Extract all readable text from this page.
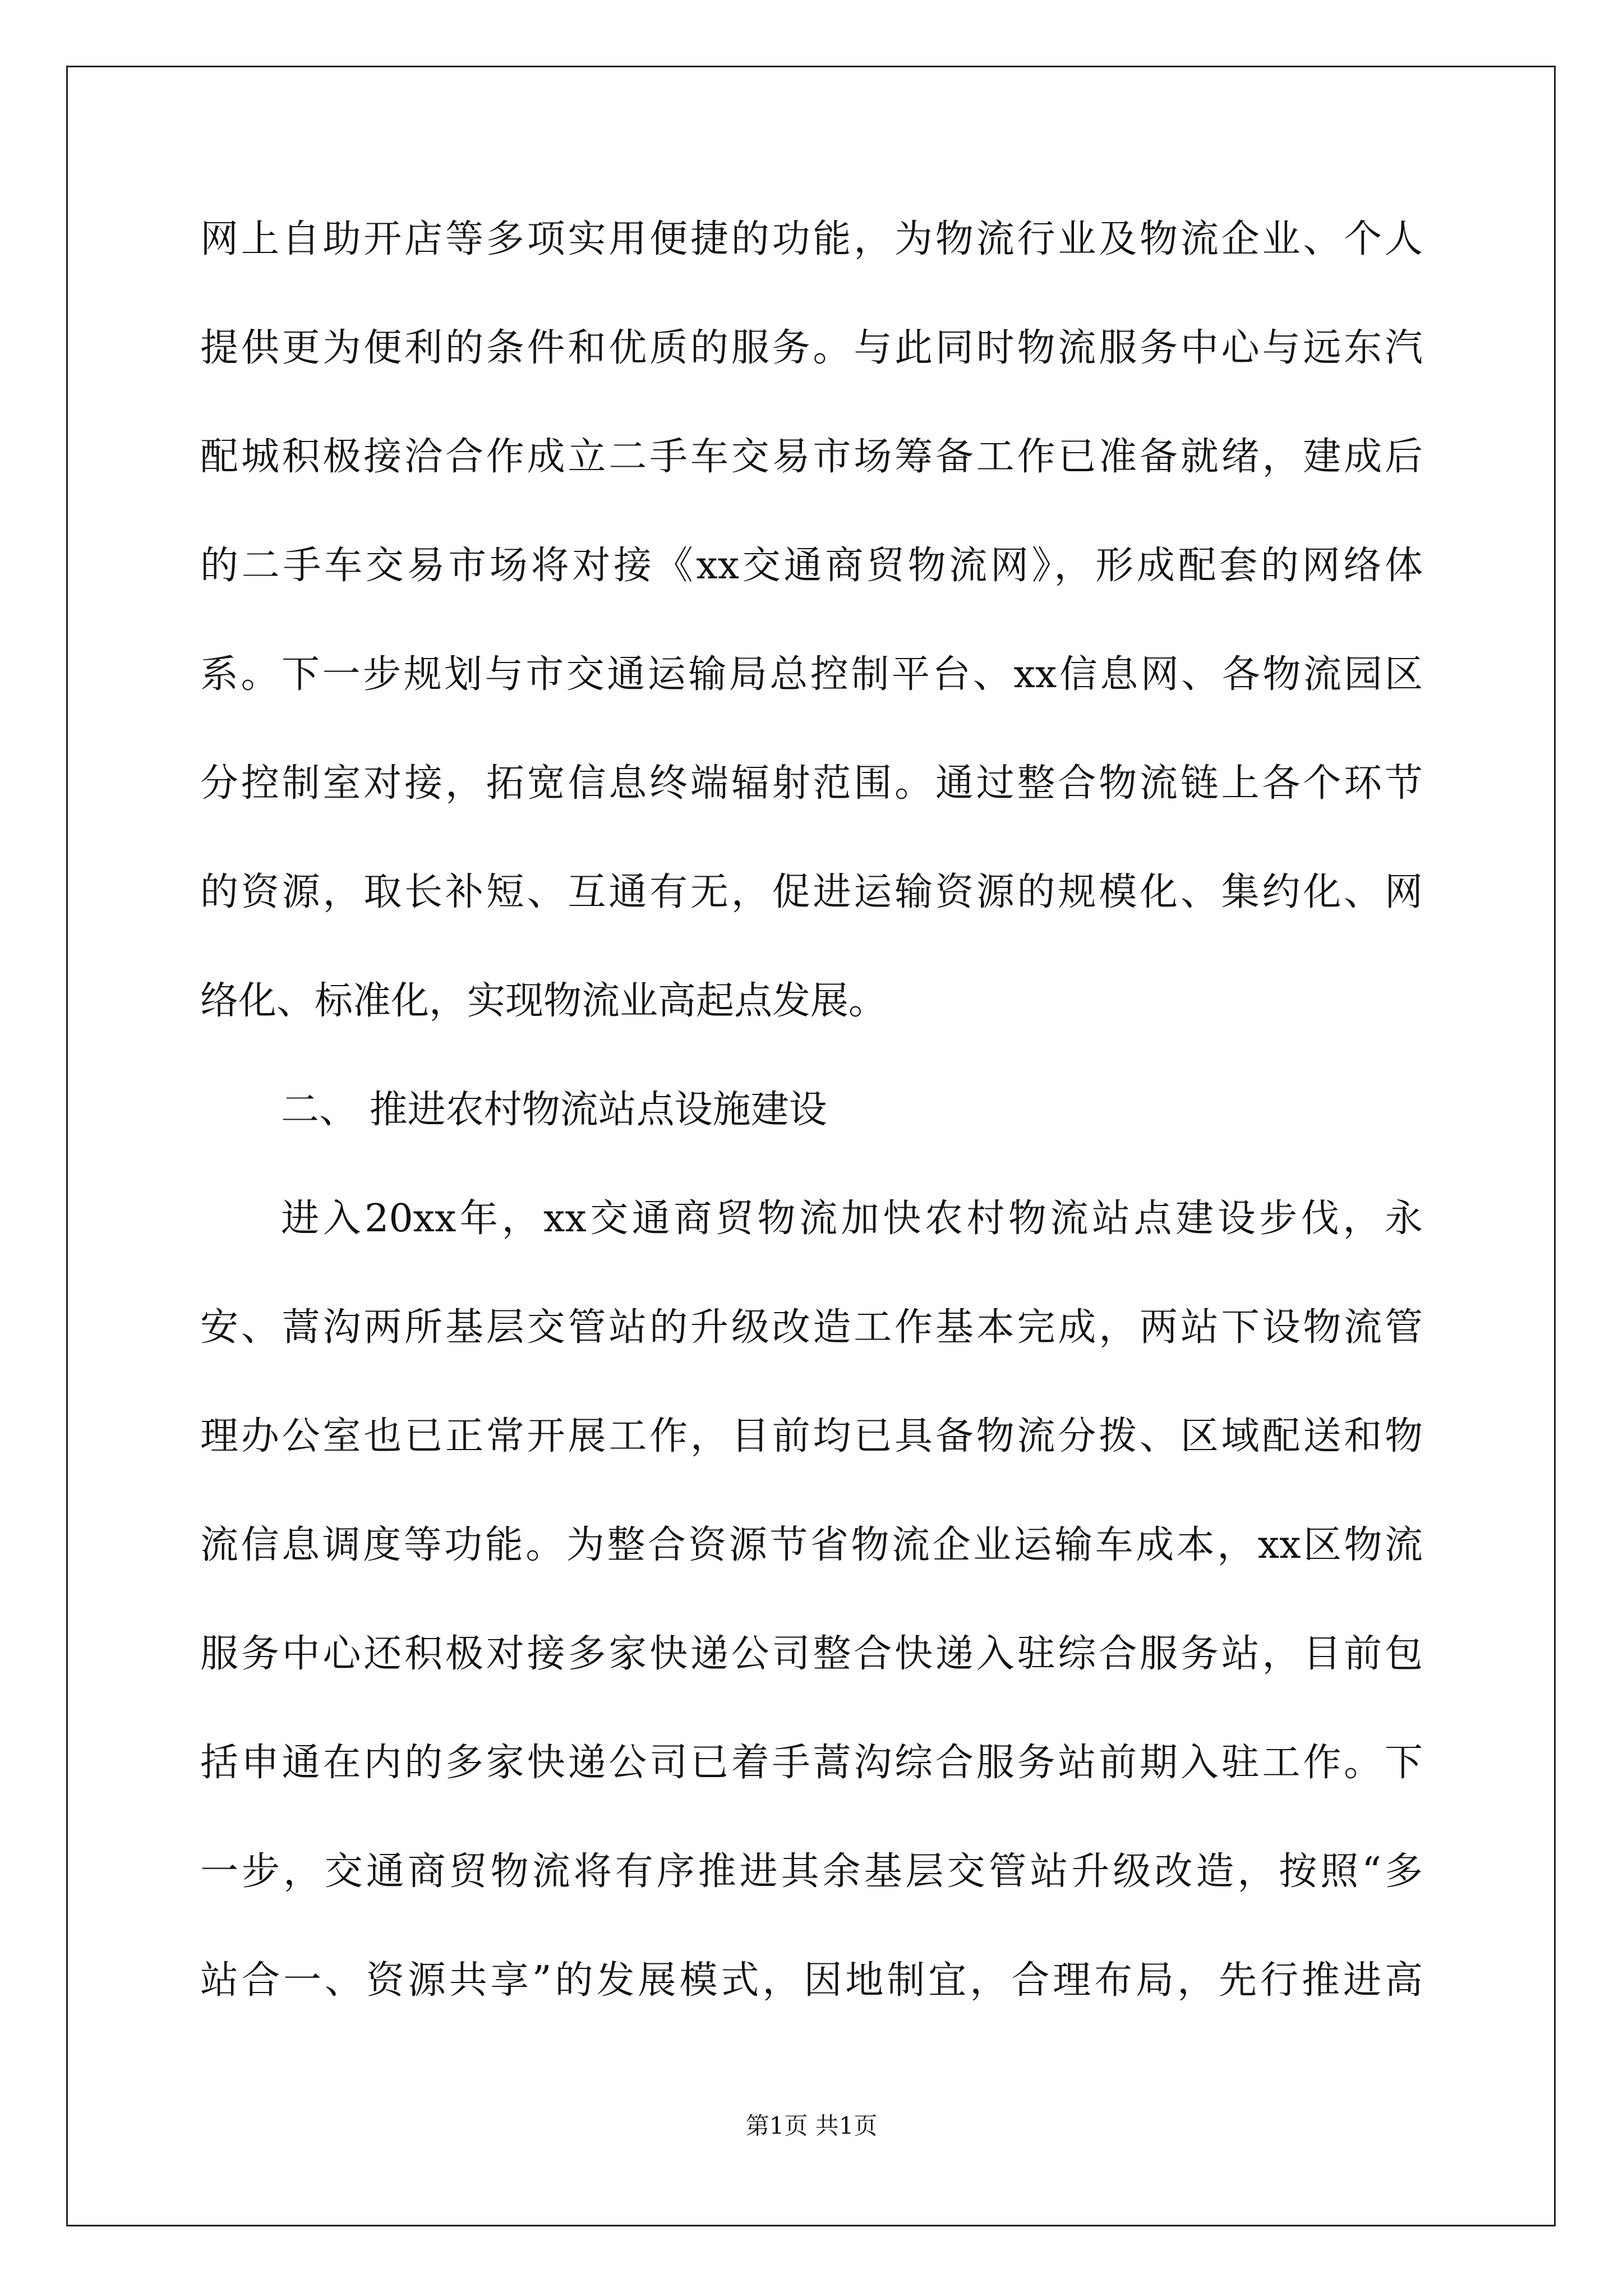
网上自助开店等多项实用便捷的功能，为物流行业及物流企业、个人
提供更为便利的条件和优质的服务。与此同时物流服务中心与远东汽
配城积极接洽合作成立二手车交易市场筹备工作已准备就绪，建成后
的二手车交易市场将对接《xx交通商贸物流网》，形成配套的网络体
系。下一步规划与市交通运输局总控制平台、xx信息网、各物流园区
分控制室对接，拓宽信息终端辐射范围。通过整合物流链上各个环节
的资源，取长补短、互通有无，促进运输资源的规模化、集约化、网
络化、标准化，实现物流业高起点发展。
二、 推进农村物流站点设施建设
进入20xx年，xx交通商贸物流加快农村物流站点建设步伐，永
安、蒿沟两所基层交管站的升级改造工作基本完成，两站下设物流管
理办公室也已正常开展工作，目前均已具备物流分拨、区域配送和物
流信息调度等功能。为整合资源节省物流企业运输车成本，xx区物流
服务中心还积极对接多家快递公司整合快递入驻综合服务站，目前包
括申通在内的多家快递公司已着手蒿沟综合服务站前期入驻工作。下
一步，交通商贸物流将有序推进其余基层交管站升级改造，按照“多
站合一、资源共享”的发展模式，因地制宜，合理布局，先行推进高
第1页 共1页
